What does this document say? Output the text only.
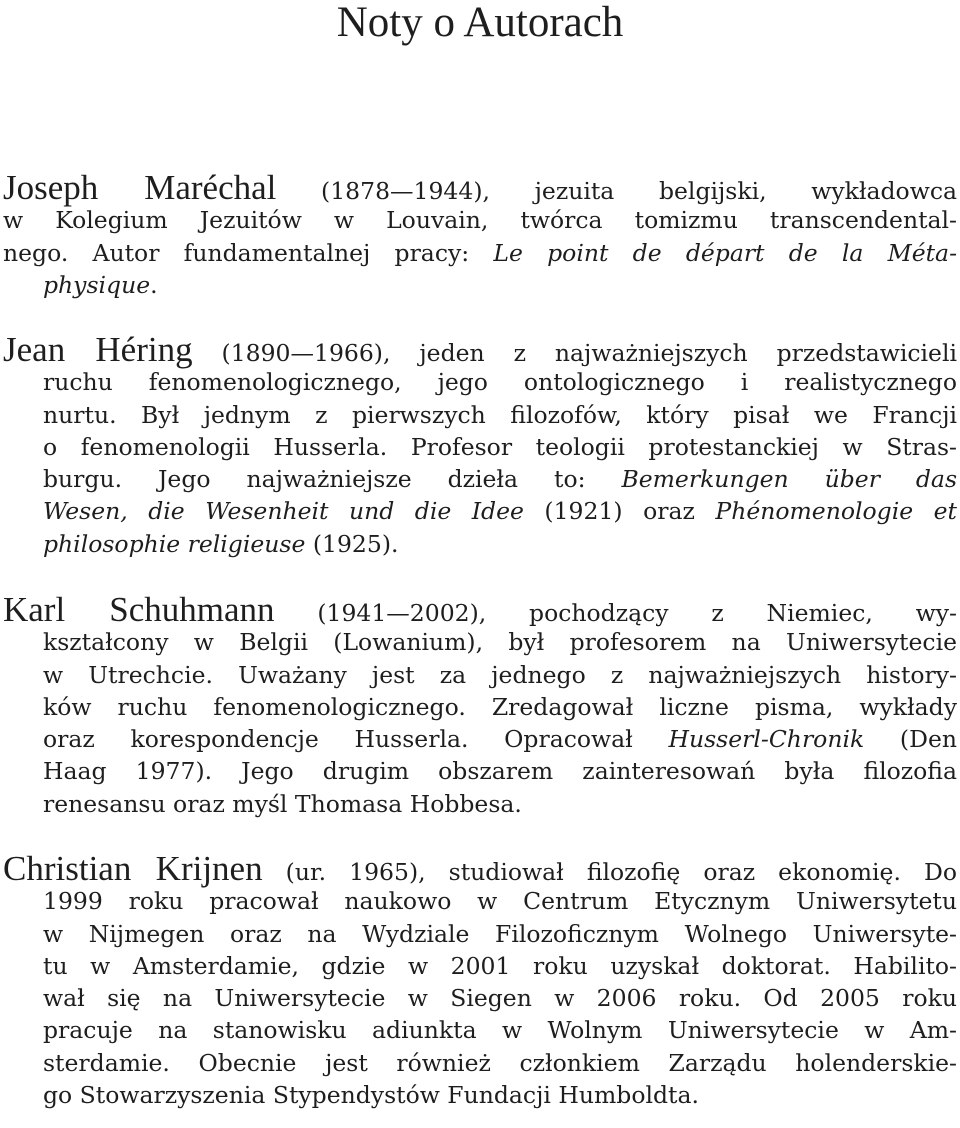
Noty o Autorach
Joseph Maréchal (1878—1944), jezuita belgijski, wykładowca
w Kolegium Jezuitów w Louvain, twórca tomizmu transcendental-
nego. Autor fundamentalnej pracy: Le point de départ de la Méta-
physique.
Jean Héring (1890—1966), jeden z najważniejszych przedstawicieli
ruchu fenomenologicznego, jego ontologicznego i realistycznego
nurtu. Był jednym z pierwszych filozofów, który pisał we Francji
o fenomenologii Husserla. Profesor teologii protestanckiej w Stras-
burgu. Jego najważniejsze dzieła to: Bemerkungen über das
Wesen, die Wesenheit und die Idee (1921) oraz Phénomenologie et
philosophie religieuse (1925).
Karl Schuhmann (1941—2002), pochodzący z Niemiec, wy-
kształcony w Belgii (Lowanium), był profesorem na Uniwersytecie
w Utrechcie. Uważany jest za jednego z najważniejszych history-
ków ruchu fenomenologicznego. Zredagował liczne pisma, wykłady
oraz korespondencje Husserla. Opracował Husserl-Chronik (Den
Haag 1977). Jego drugim obszarem zainteresowań była filozofia
renesansu oraz myśl Thomasa Hobbesa.
Christian Krijnen (ur. 1965), studiował filozofię oraz ekonomię. Do
1999 roku pracował naukowo w Centrum Etycznym Uniwersytetu
w Nijmegen oraz na Wydziale Filozoficznym Wolnego Uniwersyte-
tu w Amsterdamie, gdzie w 2001 roku uzyskał doktorat. Habilito-
wał się na Uniwersytecie w Siegen w 2006 roku. Od 2005 roku
pracuje na stanowisku adiunkta w Wolnym Uniwersytecie w Am-
sterdamie. Obecnie jest również członkiem Zarządu holenderskie-
go Stowarzyszenia Stypendystów Fundacji Humboldta.
